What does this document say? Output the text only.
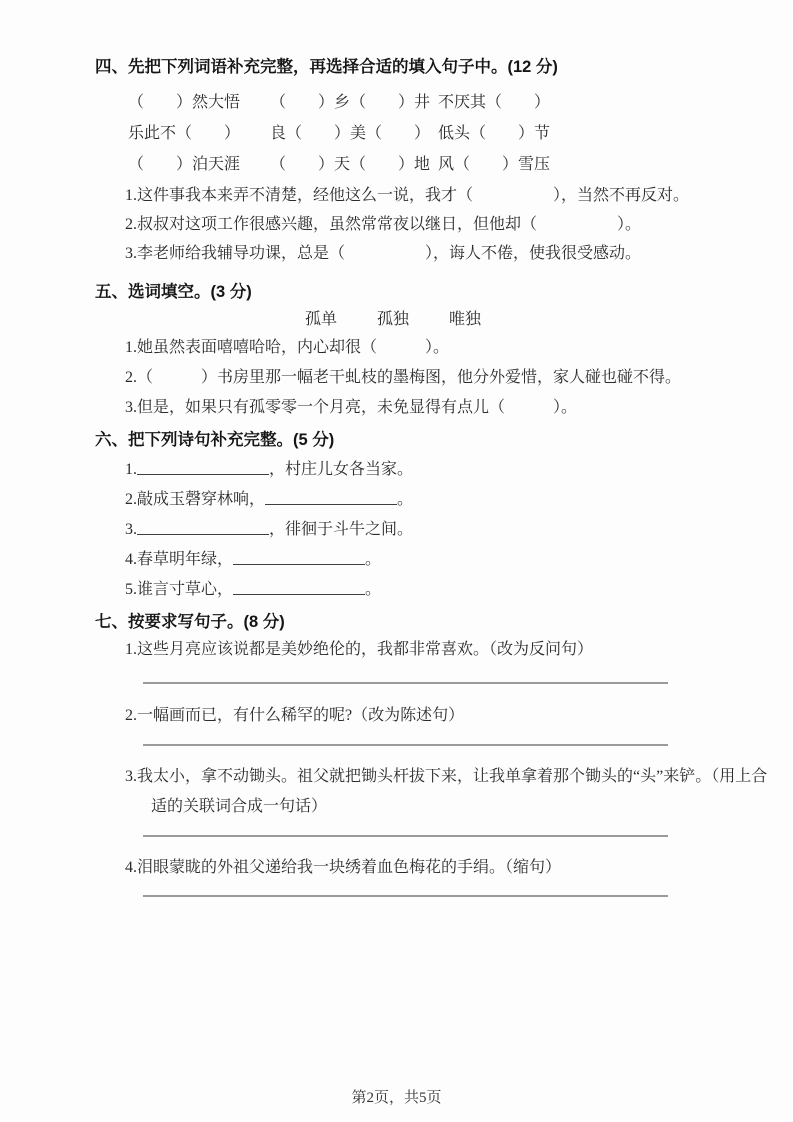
四、先把下列词语补充完整，再选择合适的填入句子中。(12 分)
（　　）然大悟	（　　）乡（　　）井 不厌其（　　）
乐此不（　　）	良（　　）美（　　） 低头（　　）节
（　　）泊天涯	（　　）天（　　）地 风（　　）雪压
1.这件事我本来弄不清楚，经他这么一说，我才（　　　　　），当然不再反对。
2.叔叔对这项工作很感兴趣，虽然常常夜以继日，但他却（　　　　　）。
3.李老师给我辅导功课，总是（　　　　　），诲人不倦，使我很受感动。
五、选词填空。(3 分)
孤单	孤独	唯独
1.她虽然表面嘻嘻哈哈，内心却很（　　　）。
2.（　　　）书房里那一幅老干虬枝的墨梅图，他分外爱惜，家人碰也碰不得。
3.但是，如果只有孤零零一个月亮，未免显得有点儿（　　　）。
六、把下列诗句补充完整。(5 分)
1.	，村庄儿女各当家。
2.敲成玉磬穿林响，	。
3.	，徘徊于斗牛之间。
4.春草明年绿，	。
5.谁言寸草心，	。
七、按要求写句子。(8 分)
1.这些月亮应该说都是美妙绝伦的，我都非常喜欢。（改为反问句）
2.一幅画而已，有什么稀罕的呢?（改为陈述句）
3.我太小，拿不动锄头。祖父就把锄头杆拔下来，让我单拿着那个锄头的“头”来铲。（用上合适的关联词合成一句话）
4.泪眼蒙眬的外祖父递给我一块绣着血色梅花的手绢。（缩句）
第2页，共5页
